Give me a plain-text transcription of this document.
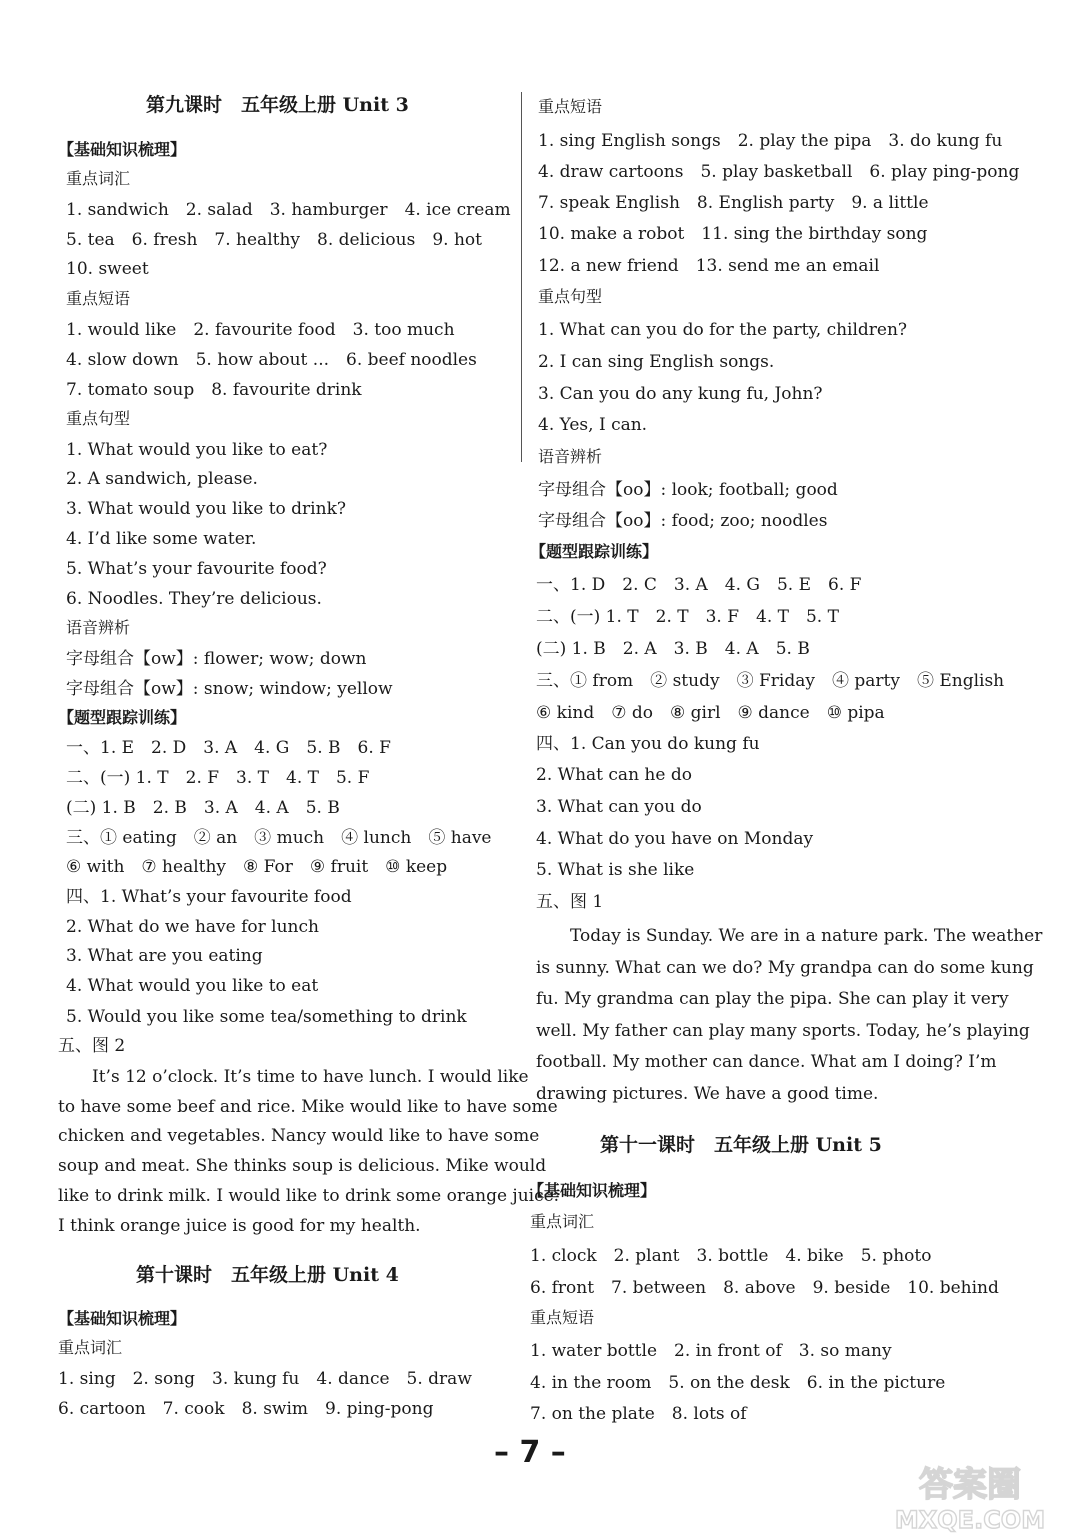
第九课时　五年级上册 Unit 3
【基础知识梳理】
重点词汇
1. sandwich　2. salad　3. hamburger　4. ice cream
5. tea　6. fresh　7. healthy　8. delicious　9. hot
10. sweet
重点短语
1. would like　2. favourite food　3. too much
4. slow down　5. how about ...　6. beef noodles
7. tomato soup　8. favourite drink
重点句型
1. What would you like to eat?
2. A sandwich, please.
3. What would you like to drink?
4. I’d like some water.
5. What’s your favourite food?
6. Noodles. They’re delicious.
语音辨析
字母组合【ow】: flower; wow; down
字母组合【ow】: snow; window; yellow
【题型跟踪训练】
一、1. E　2. D　3. A　4. G　5. B　6. F
二、(一) 1. T　2. F　3. T　4. T　5. F
(二) 1. B　2. B　3. A　4. A　5. B
三、① eating　② an　③ much　④ lunch　⑤ have
⑥ with　⑦ healthy　⑧ For　⑨ fruit　⑩ keep
四、1. What’s your favourite food
2. What do we have for lunch
3. What are you eating
4. What would you like to eat
5. Would you like some tea/something to drink
五、图 2
It’s 12 o’clock. It’s time to have lunch. I would like
to have some beef and rice. Mike would like to have some
chicken and vegetables. Nancy would like to have some
soup and meat. She thinks soup is delicious. Mike would
like to drink milk. I would like to drink some orange juice.
I think orange juice is good for my health.
第十课时　五年级上册 Unit 4
【基础知识梳理】
重点词汇
1. sing　2. song　3. kung fu　4. dance　5. draw
6. cartoon　7. cook　8. swim　9. ping-pong
重点短语
1. sing English songs　2. play the pipa　3. do kung fu
4. draw cartoons　5. play basketball　6. play ping-pong
7. speak English　8. English party　9. a little
10. make a robot　11. sing the birthday song
12. a new friend　13. send me an email
重点句型
1. What can you do for the party, children?
2. I can sing English songs.
3. Can you do any kung fu, John?
4. Yes, I can.
语音辨析
字母组合【oo】: look; football; good
字母组合【oo】: food; zoo; noodles
【题型跟踪训练】
一、1. D　2. C　3. A　4. G　5. E　6. F
二、(一) 1. T　2. T　3. F　4. T　5. T
(二) 1. B　2. A　3. B　4. A　5. B
三、① from　② study　③ Friday　④ party　⑤ English
⑥ kind　⑦ do　⑧ girl　⑨ dance　⑩ pipa
四、1. Can you do kung fu
2. What can he do
3. What can you do
4. What do you have on Monday
5. What is she like
五、图 1
Today is Sunday. We are in a nature park. The weather
is sunny. What can we do? My grandpa can do some kung
fu. My grandma can play the pipa. She can play it very
well. My father can play many sports. Today, he’s playing
football. My mother can dance. What am I doing? I’m
drawing pictures. We have a good time.
第十一课时　五年级上册 Unit 5
【基础知识梳理】
重点词汇
1. clock　2. plant　3. bottle　4. bike　5. photo
6. front　7. between　8. above　9. beside　10. behind
重点短语
1. water bottle　2. in front of　3. so many
4. in the room　5. on the desk　6. in the picture
7. on the plate　8. lots of
– 7 –
答案圈
MXQE.COM
